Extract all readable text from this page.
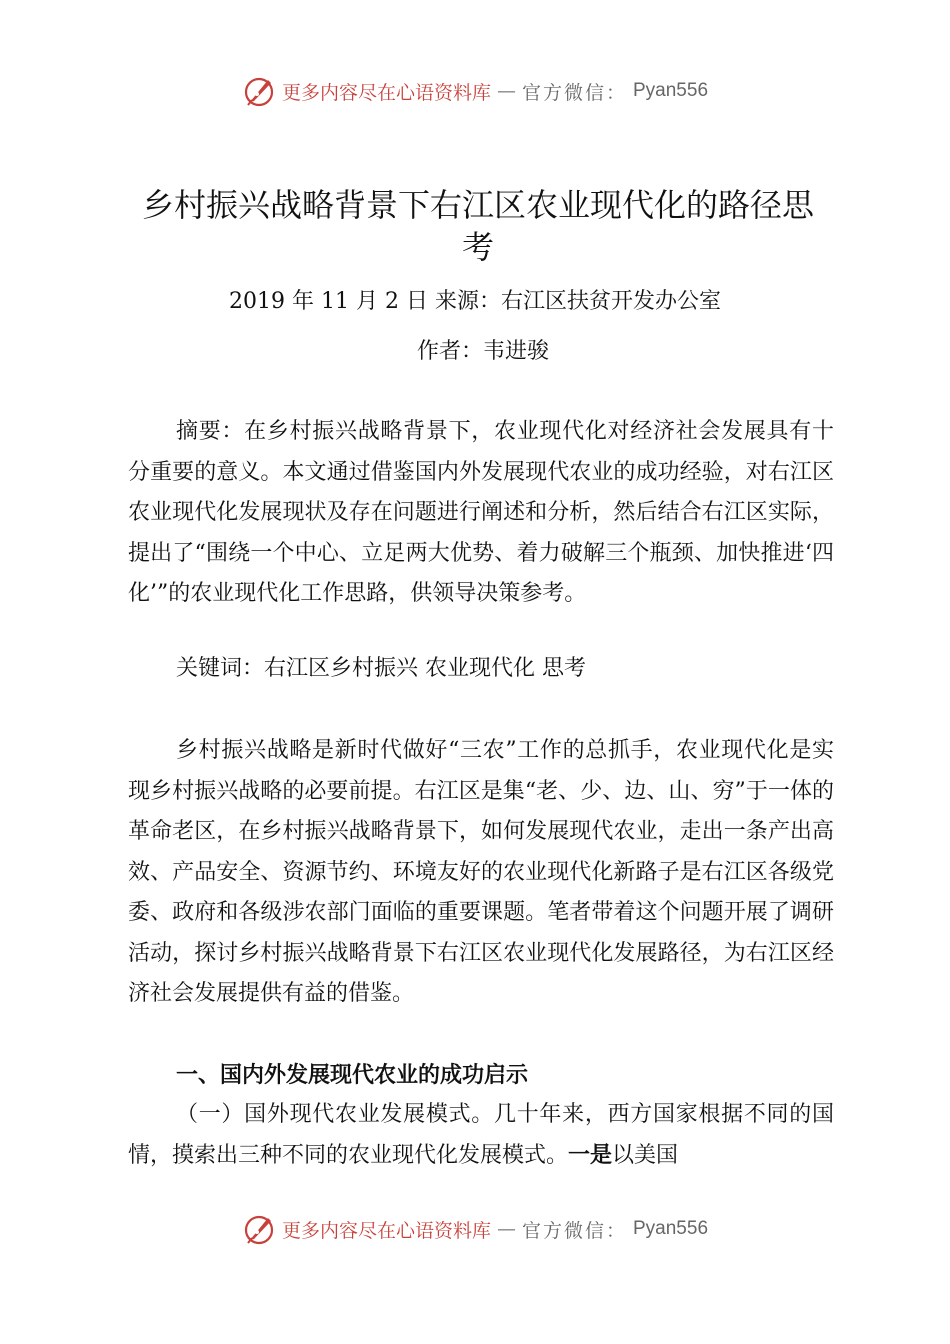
更多内容尽在心语资料库 — 官方微信： Pyan556
乡村振兴战略背景下右江区农业现代化的路径思考

2019 年 11 月 2 日 来源：右江区扶贫开发办公室

作者：韦进骏

摘要：在乡村振兴战略背景下，农业现代化对经济社会发展具有十分重要的意义。本文通过借鉴国内外发展现代农业的成功经验，对右江区农业现代化发展现状及存在问题进行阐述和分析，然后结合右江区实际，提出了“围绕一个中心、立足两大优势、着力破解三个瓶颈、加快推进‘四化’”的农业现代化工作思路，供领导决策参考。

关键词：右江区乡村振兴 农业现代化 思考

乡村振兴战略是新时代做好“三农”工作的总抓手，农业现代化是实现乡村振兴战略的必要前提。右江区是集“老、少、边、山、穷”于一体的革命老区，在乡村振兴战略背景下，如何发展现代农业，走出一条产出高效、产品安全、资源节约、环境友好的农业现代化新路子是右江区各级党委、政府和各级涉农部门面临的重要课题。笔者带着这个问题开展了调研活动，探讨乡村振兴战略背景下右江区农业现代化发展路径，为右江区经济社会发展提供有益的借鉴。

一、国内外发展现代农业的成功启示

（一）国外现代农业发展模式。几十年来，西方国家根据不同的国情，摸索出三种不同的农业现代化发展模式。一是以美国

更多内容尽在心语资料库 — 官方微信： Pyan556
